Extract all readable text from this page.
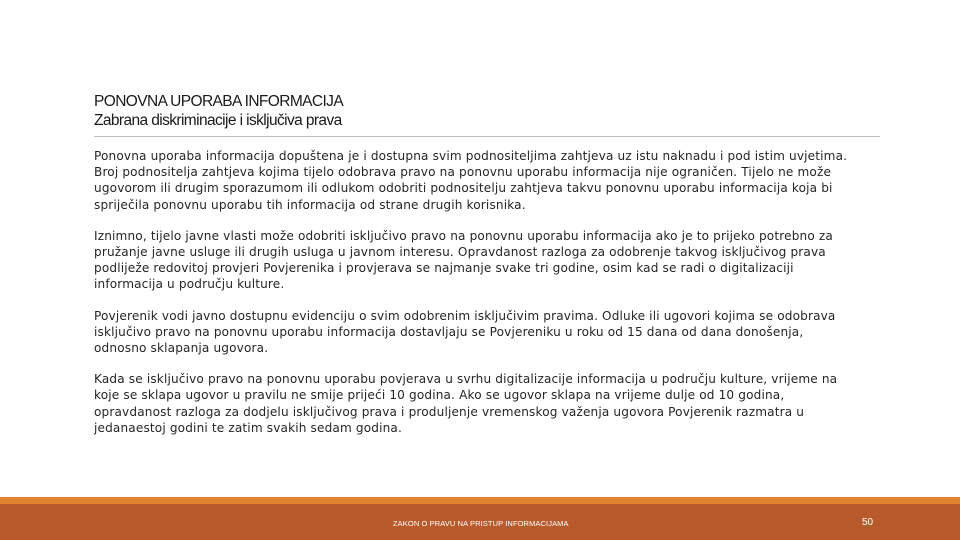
PONOVNA UPORABA INFORMACIJA
Zabrana diskriminacije i isključiva prava

Ponovna uporaba informacija dopuštena je i dostupna svim podnositeljima zahtjeva uz istu naknadu i pod istim uvjetima.
Broj podnositelja zahtjeva kojima tijelo odobrava pravo na ponovnu uporabu informacija nije ograničen. Tijelo ne može
ugovorom ili drugim sporazumom ili odlukom odobriti podnositelju zahtjeva takvu ponovnu uporabu informacija koja bi
spriječila ponovnu uporabu tih informacija od strane drugih korisnika.

Iznimno, tijelo javne vlasti može odobriti isključivo pravo na ponovnu uporabu informacija ako je to prijeko potrebno za
pružanje javne usluge ili drugih usluga u javnom interesu. Opravdanost razloga za odobrenje takvog isključivog prava
podliježe redovitoj provjeri Povjerenika i provjerava se najmanje svake tri godine, osim kad se radi o digitalizaciji
informacija u području kulture.

Povjerenik vodi javno dostupnu evidenciju o svim odobrenim isključivim pravima. Odluke ili ugovori kojima se odobrava
isključivo pravo na ponovnu uporabu informacija dostavljaju se Povjereniku u roku od 15 dana od dana donošenja,
odnosno sklapanja ugovora.

Kada se isključivo pravo na ponovnu uporabu povjerava u svrhu digitalizacije informacija u području kulture, vrijeme na
koje se sklapa ugovor u pravilu ne smije prijeći 10 godina. Ako se ugovor sklapa na vrijeme dulje od 10 godina,
opravdanost razloga za dodjelu isključivog prava i produljenje vremenskog važenja ugovora Povjerenik razmatra u
jedanaestoj godini te zatim svakih sedam godina.

ZAKON O PRAVU NA PRISTUP INFORMACIJAMA	50
